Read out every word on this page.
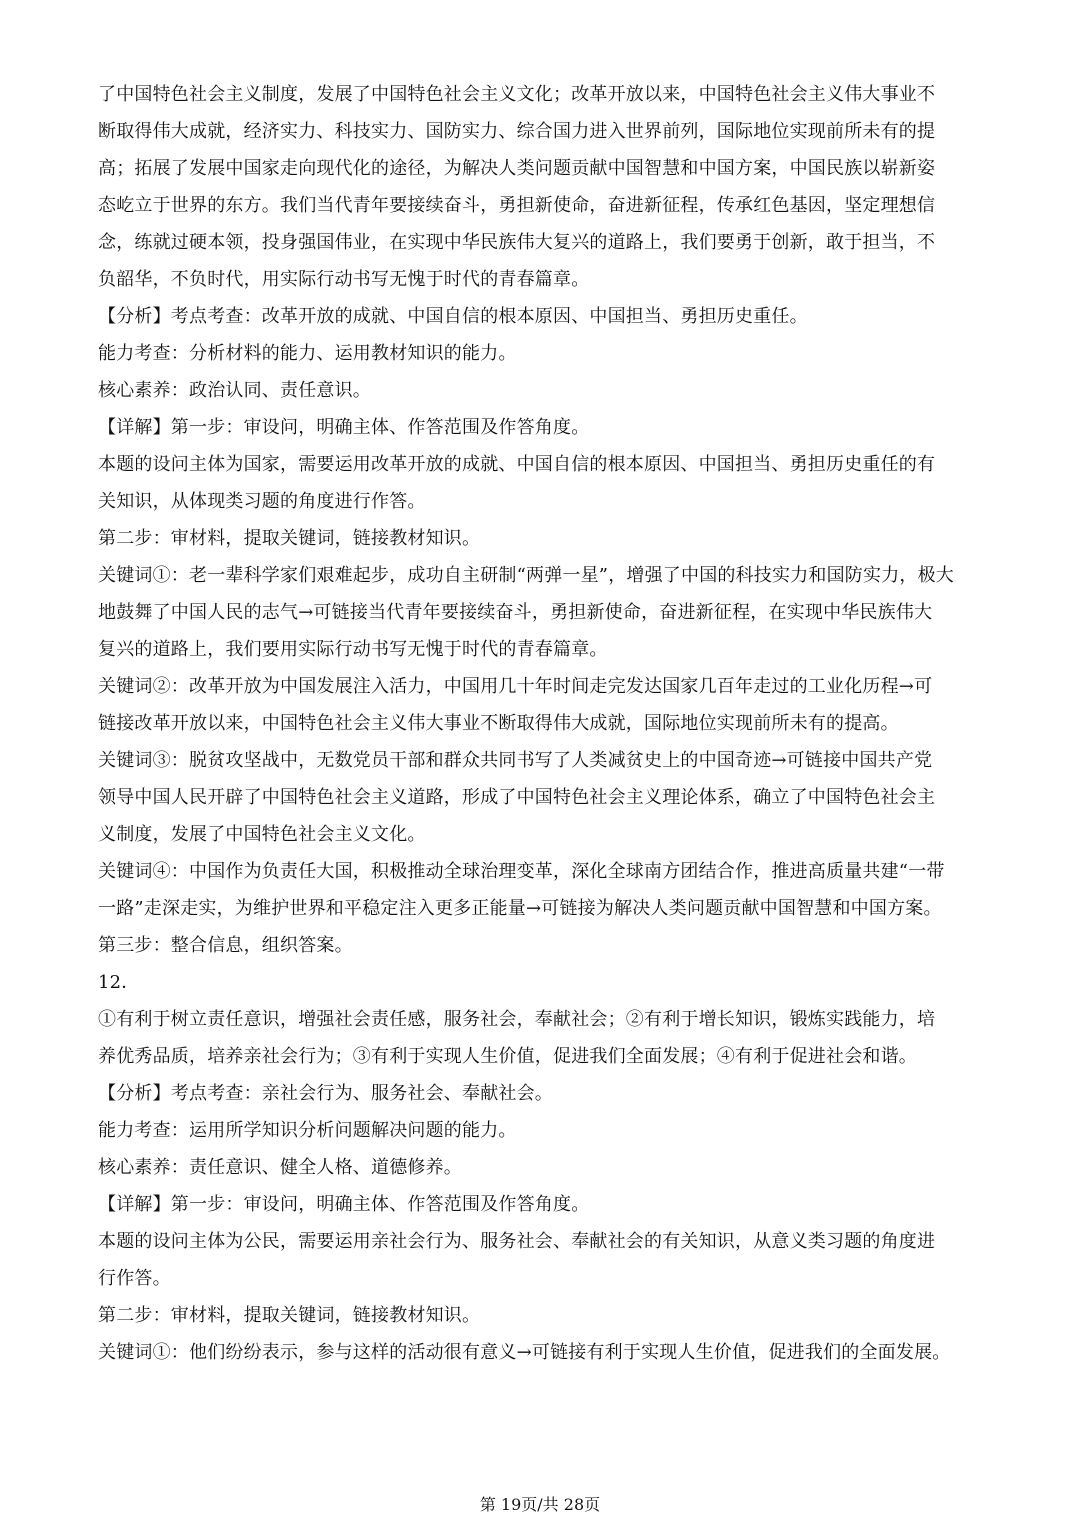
了中国特色社会主义制度，发展了中国特色社会主义文化；改革开放以来，中国特色社会主义伟大事业不
断取得伟大成就，经济实力、科技实力、国防实力、综合国力进入世界前列，国际地位实现前所未有的提
高；拓展了发展中国家走向现代化的途径，为解决人类问题贡献中国智慧和中国方案，中国民族以崭新姿
态屹立于世界的东方。我们当代青年要接续奋斗，勇担新使命，奋进新征程，传承红色基因，坚定理想信
念，练就过硬本领，投身强国伟业，在实现中华民族伟大复兴的道路上，我们要勇于创新，敢于担当，不
负韶华，不负时代，用实际行动书写无愧于时代的青春篇章。
【分析】考点考查：改革开放的成就、中国自信的根本原因、中国担当、勇担历史重任。
能力考查：分析材料的能力、运用教材知识的能力。
核心素养：政治认同、责任意识。
【详解】第一步：审设问，明确主体、作答范围及作答角度。
本题的设问主体为国家，需要运用改革开放的成就、中国自信的根本原因、中国担当、勇担历史重任的有
关知识，从体现类习题的角度进行作答。
第二步：审材料，提取关键词，链接教材知识。
关键词①：老一辈科学家们艰难起步，成功自主研制“两弹一星”，增强了中国的科技实力和国防实力，极大
地鼓舞了中国人民的志气→可链接当代青年要接续奋斗，勇担新使命，奋进新征程，在实现中华民族伟大
复兴的道路上，我们要用实际行动书写无愧于时代的青春篇章。
关键词②：改革开放为中国发展注入活力，中国用几十年时间走完发达国家几百年走过的工业化历程→可
链接改革开放以来，中国特色社会主义伟大事业不断取得伟大成就，国际地位实现前所未有的提高。
关键词③：脱贫攻坚战中，无数党员干部和群众共同书写了人类减贫史上的中国奇迹→可链接中国共产党
领导中国人民开辟了中国特色社会主义道路，形成了中国特色社会主义理论体系，确立了中国特色社会主
义制度，发展了中国特色社会主义文化。
关键词④：中国作为负责任大国，积极推动全球治理变革，深化全球南方团结合作，推进高质量共建“一带
一路”走深走实，为维护世界和平稳定注入更多正能量→可链接为解决人类问题贡献中国智慧和中国方案。
第三步：整合信息，组织答案。
12．
①有利于树立责任意识，增强社会责任感，服务社会，奉献社会；②有利于增长知识，锻炼实践能力，培
养优秀品质，培养亲社会行为；③有利于实现人生价值，促进我们全面发展；④有利于促进社会和谐。
【分析】考点考查：亲社会行为、服务社会、奉献社会。
能力考查：运用所学知识分析问题解决问题的能力。
核心素养：责任意识、健全人格、道德修养。
【详解】第一步：审设问，明确主体、作答范围及作答角度。
本题的设问主体为公民，需要运用亲社会行为、服务社会、奉献社会的有关知识，从意义类习题的角度进
行作答。
第二步：审材料，提取关键词，链接教材知识。
关键词①：他们纷纷表示，参与这样的活动很有意义→可链接有利于实现人生价值，促进我们的全面发展。
第 19页/共 28页
